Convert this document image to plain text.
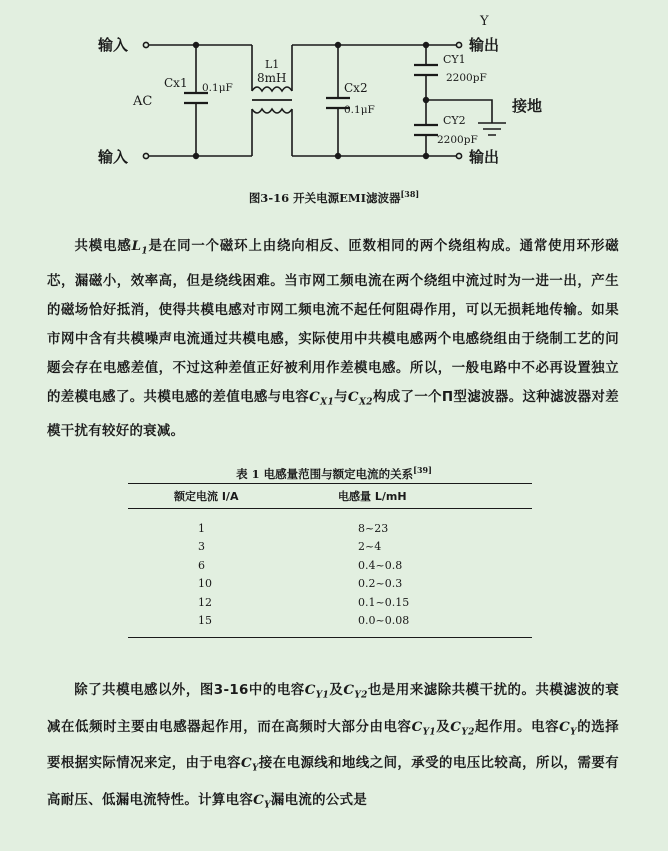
Y
输入
输入
AC
Cx1 0.1μF
L1
8mH
Cx2
0.1μF
CY1
2200pF
CY2
2200pF
接地
输出
输出
图3-16 开关电源EMI滤波器[38]

共模电感$L_1$是在同一个磁环上由绕向相反、匝数相同的两个绕组构成。通常使用环形磁芯，漏磁小，效率高，但是绕线困难。当市网工频电流在两个绕组中流过时为一进一出，产生的磁场恰好抵消，使得共模电感对市网工频电流不起任何阻碍作用，可以无损耗地传输。如果市网中含有共模噪声电流通过共模电感，实际使用中共模电感两个电感绕组由于绕制工艺的问题会存在电感差值，不过这种差值正好被利用作差模电感。所以，一般电路中不必再设置独立的差模电感了。共模电感的差值电感与电容$C_{X1}$与$C_{X2}$构成了一个Π型滤波器。这种滤波器对差模干扰有较好的衰减。

表 1 电感量范围与额定电流的关系[39]
额定电流 I/A	电感量 L/mH
1	8~23
3	2~4
6	0.4~0.8
10	0.2~0.3
12	0.1~0.15
15	0.0~0.08

除了共模电感以外，图3-16中的电容$C_{Y1}$及$C_{Y2}$也是用来滤除共模干扰的。共模滤波的衰减在低频时主要由电感器起作用，而在高频时大部分由电容$C_{Y1}$及$C_{Y2}$起作用。电容$C_Y$的选择要根据实际情况来定，由于电容$C_Y$接在电源线和地线之间，承受的电压比较高，所以，需要有高耐压、低漏电流特性。计算电容$C_Y$漏电流的公式是
